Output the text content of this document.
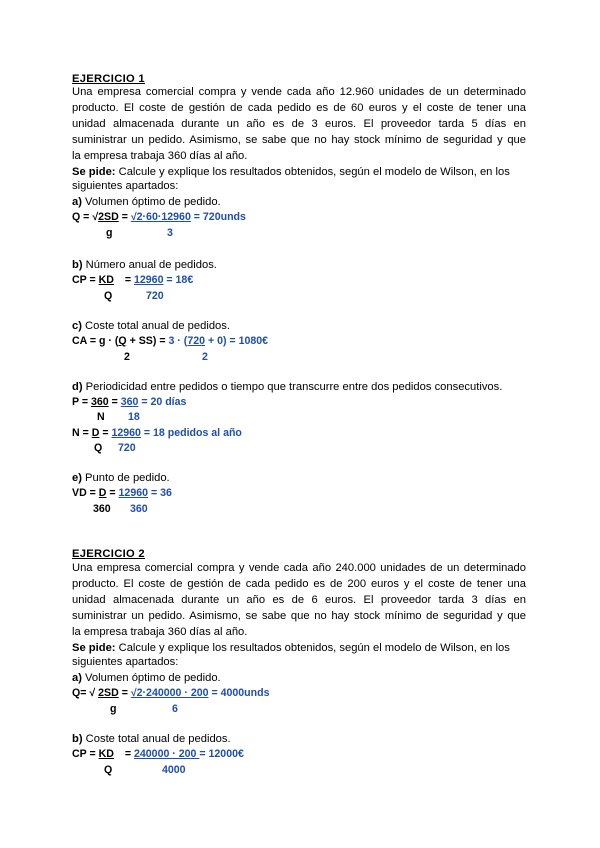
EJERCICIO 1
Una empresa comercial compra y vende cada año 12.960 unidades de un determinado
producto. El coste de gestión de cada pedido es de 60 euros y el coste de tener una
unidad almacenada durante un año es de 3 euros. El proveedor tarda 5 días en
suministrar un pedido. Asimismo, se sabe que no hay stock mínimo de seguridad y que
la empresa trabaja 360 días al año.
Se pide: Calcule y explique los resultados obtenidos, según el modelo de Wilson, en los
siguientes apartados:
a) Volumen óptimo de pedido.
Q = √2SD = √2·60·12960 = 720unds
g	3
b) Número anual de pedidos.
CP = KD = 12960 = 18€
Q	720
c) Coste total anual de pedidos.
CA = g · (Q + SS) = 3 · (720 + 0) = 1080€
2	2
d) Periodicidad entre pedidos o tiempo que transcurre entre dos pedidos consecutivos.
P = 360 = 360 = 20 días
N 18
N = D = 12960 = 18 pedidos al año
Q 720
e) Punto de pedido.
VD = D = 12960 = 36
360 360
EJERCICIO 2
Una empresa comercial compra y vende cada año 240.000 unidades de un determinado
producto. El coste de gestión de cada pedido es de 200 euros y el coste de tener una
unidad almacenada durante un año es de 6 euros. El proveedor tarda 3 días en
suministrar un pedido. Asimismo, se sabe que no hay stock mínimo de seguridad y que
la empresa trabaja 360 días al año.
Se pide: Calcule y explique los resultados obtenidos, según el modelo de Wilson, en los
siguientes apartados:
a) Volumen óptimo de pedido.
Q= √ 2SD = √2·240000 · 200 = 4000unds
g	6
b) Coste total anual de pedidos.
CP = KD = 240000 · 200 = 12000€
Q	4000
